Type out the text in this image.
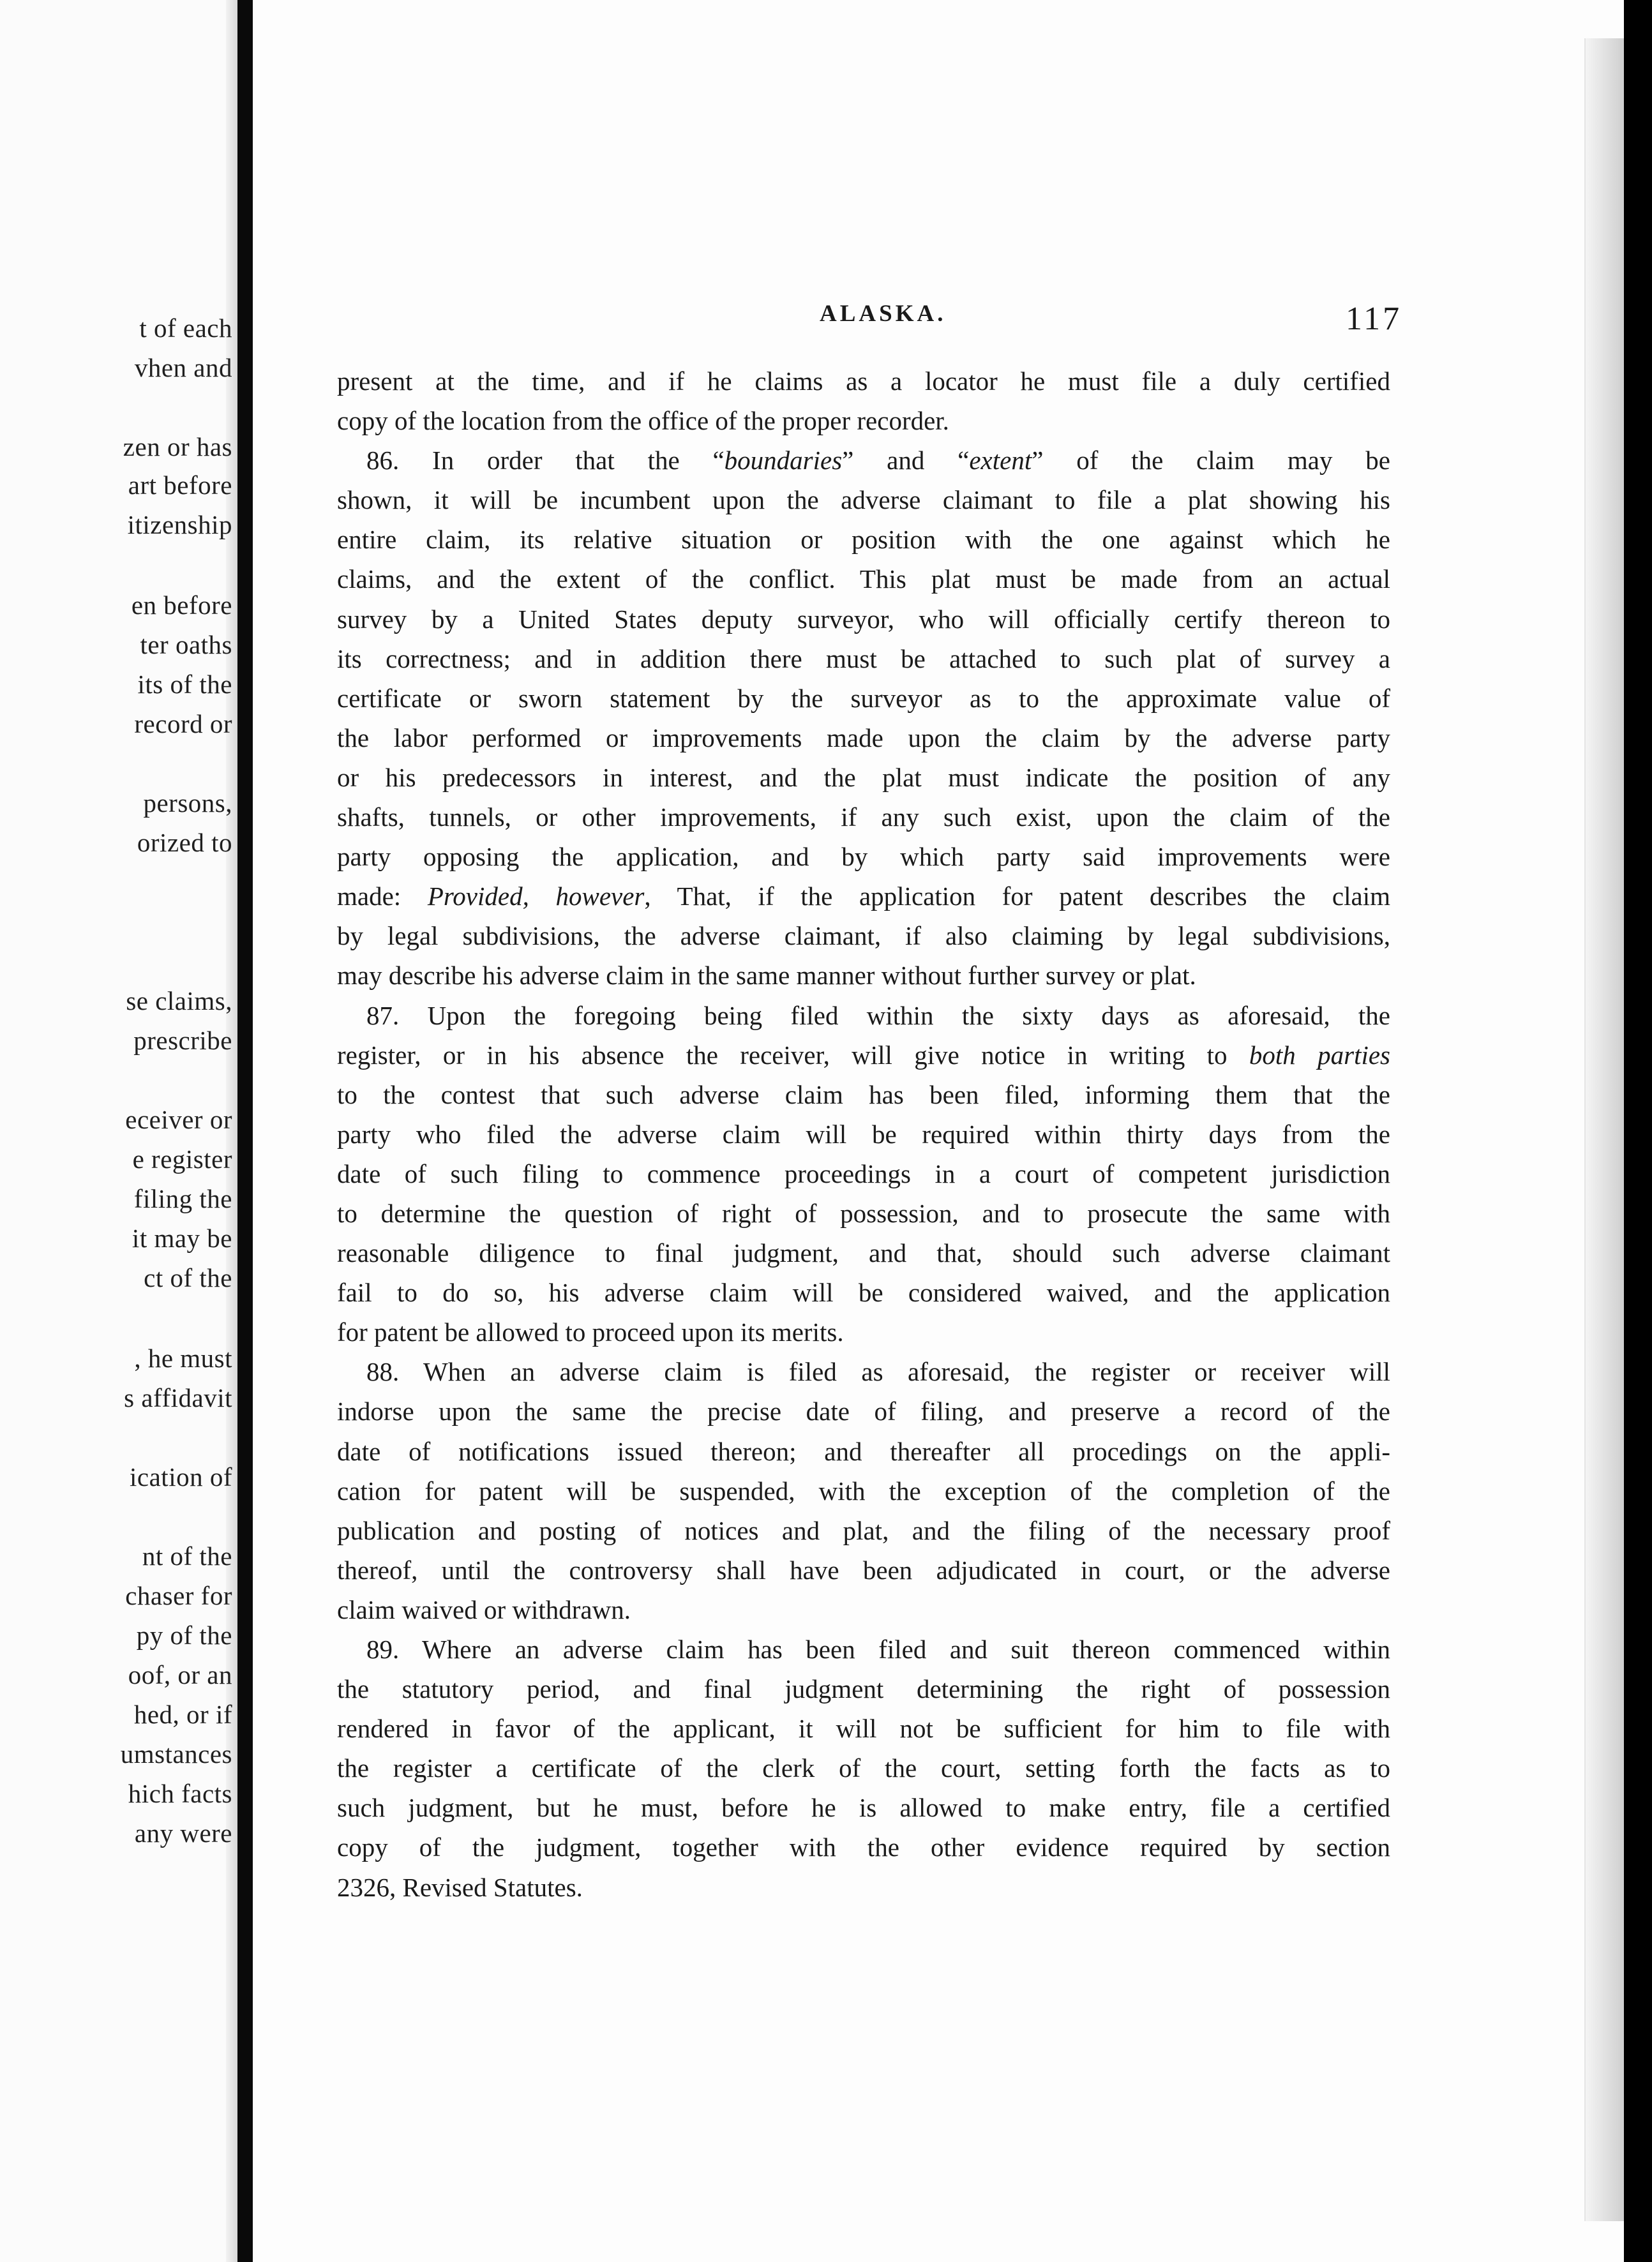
t of each
vhen and
zen or has
art before
itizenship
en before
ter oaths
its of the
record or
persons,
orized to
se claims,
prescribe
eceiver or
e register
filing the
it may be
ct of the
, he must
s affidavit
ication of
nt of the
chaser for
py of the
oof, or an
hed, or if
umstances
hich facts
any were
ALASKA.	117
present at the time, and if he claims as a locator he must file a duly certified
copy of the location from the office of the proper recorder.
86. In order that the “boundaries” and “extent” of the claim may be
shown, it will be incumbent upon the adverse claimant to file a plat showing his
entire claim, its relative situation or position with the one against which he
claims, and the extent of the conflict. This plat must be made from an actual
survey by a United States deputy surveyor, who will officially certify thereon to
its correctness; and in addition there must be attached to such plat of survey a
certificate or sworn statement by the surveyor as to the approximate value of
the labor performed or improvements made upon the claim by the adverse party
or his predecessors in interest, and the plat must indicate the position of any
shafts, tunnels, or other improvements, if any such exist, upon the claim of the
party opposing the application, and by which party said improvements were
made: Provided, however, That, if the application for patent describes the claim
by legal subdivisions, the adverse claimant, if also claiming by legal subdivisions,
may describe his adverse claim in the same manner without further survey or plat.
87. Upon the foregoing being filed within the sixty days as aforesaid, the
register, or in his absence the receiver, will give notice in writing to both parties
to the contest that such adverse claim has been filed, informing them that the
party who filed the adverse claim will be required within thirty days from the
date of such filing to commence proceedings in a court of competent jurisdiction
to determine the question of right of possession, and to prosecute the same with
reasonable diligence to final judgment, and that, should such adverse claimant
fail to do so, his adverse claim will be considered waived, and the application
for patent be allowed to proceed upon its merits.
88. When an adverse claim is filed as aforesaid, the register or receiver will
indorse upon the same the precise date of filing, and preserve a record of the
date of notifications issued thereon; and thereafter all procedings on the appli-
cation for patent will be suspended, with the exception of the completion of the
publication and posting of notices and plat, and the filing of the necessary proof
thereof, until the controversy shall have been adjudicated in court, or the adverse
claim waived or withdrawn.
89. Where an adverse claim has been filed and suit thereon commenced within
the statutory period, and final judgment determining the right of possession
rendered in favor of the applicant, it will not be sufficient for him to file with
the register a certificate of the clerk of the court, setting forth the facts as to
such judgment, but he must, before he is allowed to make entry, file a certified
copy of the judgment, together with the other evidence required by section
2326, Revised Statutes.
